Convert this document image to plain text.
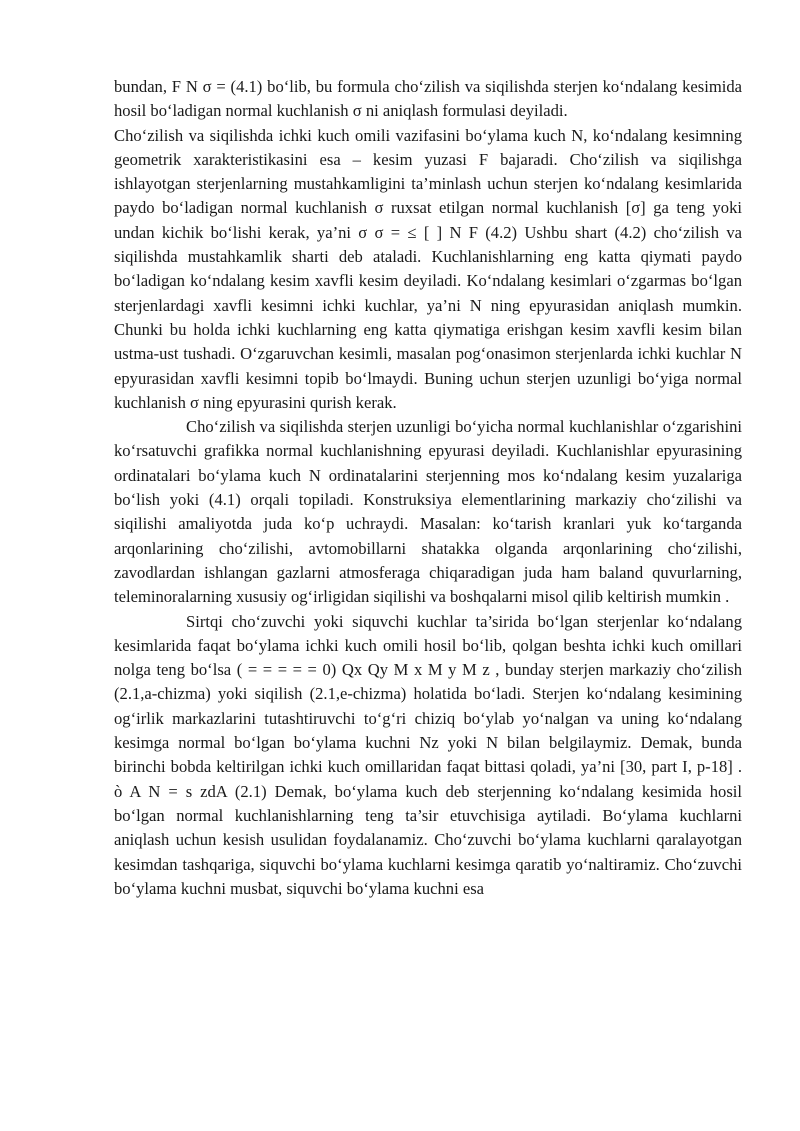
bundan, F N σ = (4.1) bo‘lib, bu formula cho‘zilish va siqilishda sterjen ko‘ndalang kesimida hosil bo‘ladigan normal kuchlanish σ ni aniqlash formulasi deyiladi.

Cho‘zilish va siqilishda ichki kuch omili vazifasini bo‘ylama kuch N, ko‘ndalang kesimning geometrik xarakteristikasini esa – kesim yuzasi F bajaradi. Cho‘zilish va siqilishga ishlayotgan sterjenlarning mustahkamligini ta’minlash uchun sterjen ko‘ndalang kesimlarida paydo bo‘ladigan normal kuchlanish σ ruxsat etilgan normal kuchlanish [σ] ga teng yoki undan kichik bo‘lishi kerak, ya’ni σ σ = ≤ [ ] N F (4.2) Ushbu shart (4.2) cho‘zilish va siqilishda mustahkamlik sharti deb ataladi. Kuchlanishlarning eng katta qiymati paydo bo‘ladigan ko‘ndalang kesim xavfli kesim deyiladi. Ko‘ndalang kesimlari o‘zgarmas bo‘lgan sterjenlardagi xavfli kesimni ichki kuchlar, ya’ni N ning epyurasidan aniqlash mumkin. Chunki bu holda ichki kuchlarning eng katta qiymatiga erishgan kesim xavfli kesim bilan ustma-ust tushadi. O‘zgaruvchan kesimli, masalan pog‘onasimon sterjenlarda ichki kuchlar N epyurasidan xavfli kesimni topib bo‘lmaydi. Buning uchun sterjen uzunligi bo‘yiga normal kuchlanish σ ning epyurasini qurish kerak.

Cho‘zilish va siqilishda sterjen uzunligi bo‘yicha normal kuchlanishlar o‘zgarishini ko‘rsatuvchi grafikka normal kuchlanishning epyurasi deyiladi. Kuchlanishlar epyurasining ordinatalari bo‘ylama kuch N ordinatalarini sterjenning mos ko‘ndalang kesim yuzalariga bo‘lish yoki (4.1) orqali topiladi. Konstruksiya elementlarining markaziy cho‘zilishi va siqilishi amaliyotda juda ko‘p uchraydi. Masalan: ko‘tarish kranlari yuk ko‘targanda arqonlarining cho‘zilishi, avtomobillarni shatakka olganda arqonlarining cho‘zilishi, zavodlardan ishlangan gazlarni atmosferaga chiqaradigan juda ham baland quvurlarning, teleminoralarning xususiy og‘irligidan siqilishi va boshqalarni misol qilib keltirish mumkin .

Sirtqi cho‘zuvchi yoki siquvchi kuchlar ta’sirida bo‘lgan sterjenlar ko‘ndalang kesimlarida faqat bo‘ylama ichki kuch omili hosil bo‘lib, qolgan beshta ichki kuch omillari nolga teng bo‘lsa ( = = = = = 0) Qx Qy M x M y M z , bunday sterjen markaziy cho‘zilish (2.1,a-chizma) yoki siqilish (2.1,e-chizma) holatida bo‘ladi. Sterjen ko‘ndalang kesimining og‘irlik markazlarini tutashtiruvchi to‘g‘ri chiziq bo‘ylab yo‘nalgan va uning ko‘ndalang kesimga normal bo‘lgan bo‘ylama kuchni Nz yoki N bilan belgilaymiz. Demak, bunda birinchi bobda keltirilgan ichki kuch omillaridan faqat bittasi qoladi, ya’ni [30, part I, p-18] . ò A N = s zdA (2.1) Demak, bo‘ylama kuch deb sterjenning ko‘ndalang kesimida hosil bo‘lgan normal kuchlanishlarning teng ta’sir etuvchisiga aytiladi. Bo‘ylama kuchlarni aniqlash uchun kesish usulidan foydalanamiz. Cho‘zuvchi bo‘ylama kuchlarni qaralayotgan kesimdan tashqariga, siquvchi bo‘ylama kuchlarni kesimga qaratib yo‘naltiramiz. Cho‘zuvchi bo‘ylama kuchni musbat, siquvchi bo‘ylama kuchni esa
